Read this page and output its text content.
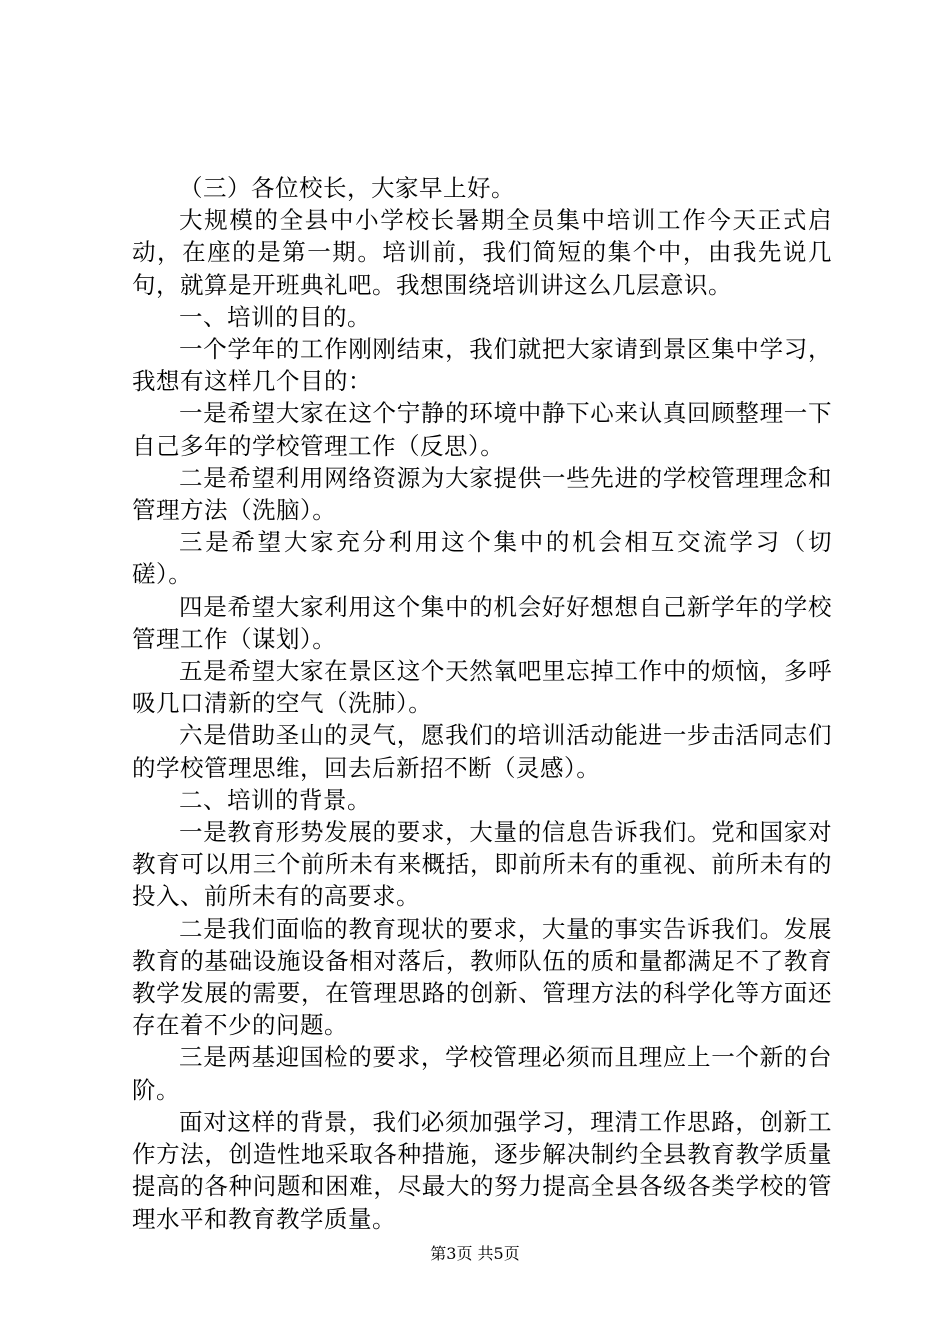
（三）各位校长，大家早上好。

大规模的全县中小学校长暑期全员集中培训工作今天正式启动，在座的是第一期。培训前，我们简短的集个中，由我先说几句，就算是开班典礼吧。我想围绕培训讲这么几层意识。

一、培训的目的。

一个学年的工作刚刚结束，我们就把大家请到景区集中学习，我想有这样几个目的：

一是希望大家在这个宁静的环境中静下心来认真回顾整理一下自己多年的学校管理工作（反思）。

二是希望利用网络资源为大家提供一些先进的学校管理理念和管理方法（洗脑）。

三是希望大家充分利用这个集中的机会相互交流学习（切磋）。

四是希望大家利用这个集中的机会好好想想自己新学年的学校管理工作（谋划）。

五是希望大家在景区这个天然氧吧里忘掉工作中的烦恼，多呼吸几口清新的空气（洗肺）。

六是借助圣山的灵气，愿我们的培训活动能进一步击活同志们的学校管理思维，回去后新招不断（灵感）。

二、培训的背景。

一是教育形势发展的要求，大量的信息告诉我们。党和国家对教育可以用三个前所未有来概括，即前所未有的重视、前所未有的投入、前所未有的高要求。

二是我们面临的教育现状的要求，大量的事实告诉我们。发展教育的基础设施设备相对落后，教师队伍的质和量都满足不了教育教学发展的需要，在管理思路的创新、管理方法的科学化等方面还存在着不少的问题。

三是两基迎国检的要求，学校管理必须而且理应上一个新的台阶。

面对这样的背景，我们必须加强学习，理清工作思路，创新工作方法，创造性地采取各种措施，逐步解决制约全县教育教学质量提高的各种问题和困难，尽最大的努力提高全县各级各类学校的管理水平和教育教学质量。

第3页 共5页
